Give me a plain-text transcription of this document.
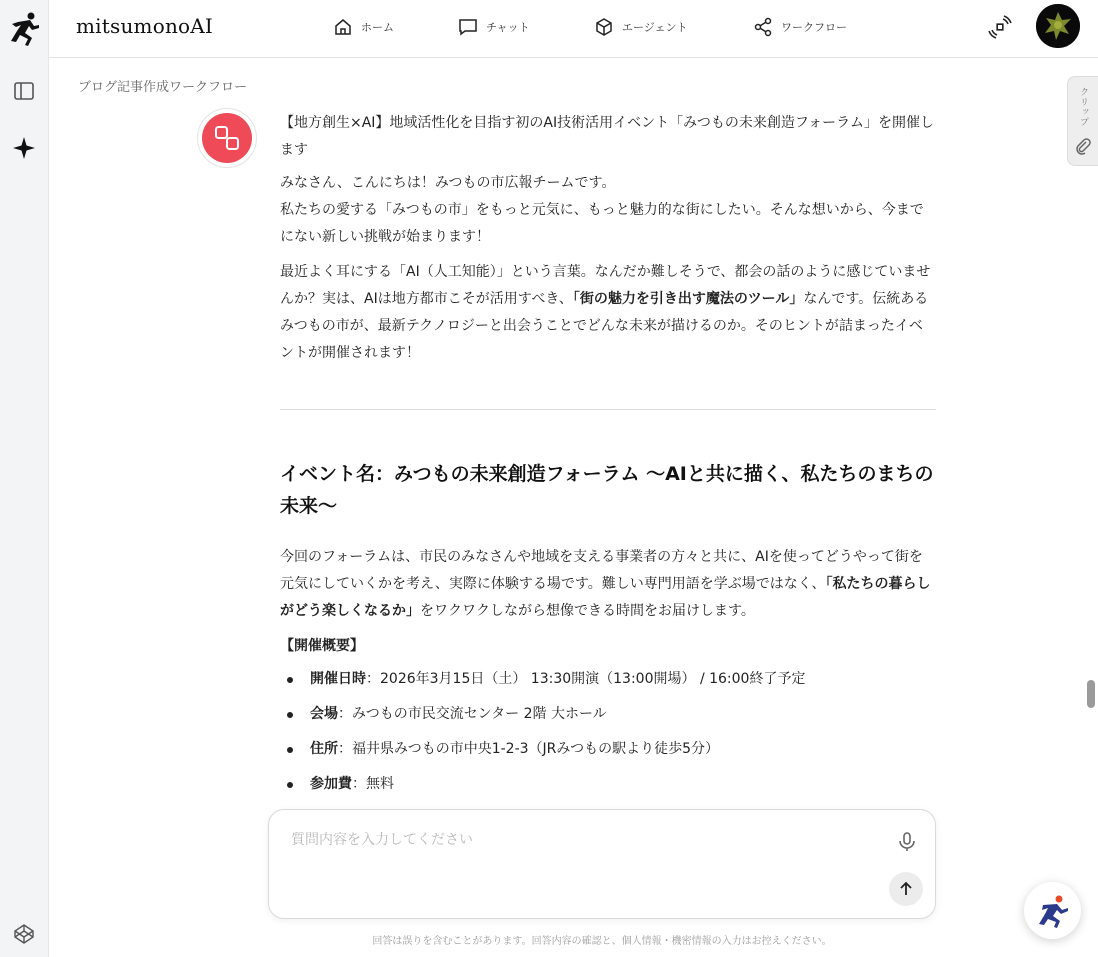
mitsumonoAI	ホーム	チャット	エージェント	ワークフロー
ブログ記事作成ワークフロー	クリップ

【地方創生×AI】地域活性化を目指す初のAI技術活用イベント「みつもの未来創造フォーラム」を開催します

みなさん、こんにちは！みつもの市広報チームです。
私たちの愛する「みつもの市」をもっと元気に、もっと魅力的な街にしたい。そんな想いから、今までにない新しい挑戦が始まります！

最近よく耳にする「AI（人工知能）」という言葉。なんだか難しそうで、都会の話のように感じていませんか？実は、AIは地方都市こそが活用すべき、「街の魅力を引き出す魔法のツール」なんです。伝統あるみつもの市が、最新テクノロジーと出会うことでどんな未来が描けるのか。そのヒントが詰まったイベントが開催されます！

イベント名：みつもの未来創造フォーラム 〜AIと共に描く、私たちのまちの未来〜

今回のフォーラムは、市民のみなさんや地域を支える事業者の方々と共に、AIを使ってどうやって街を元気にしていくかを考え、実際に体験する場です。難しい専門用語を学ぶ場ではなく、「私たちの暮らしがどう楽しくなるか」をワクワクしながら想像できる時間をお届けします。

【開催概要】

開催日時：2026年3月15日（土） 13:30開演（13:00開場） / 16:00終了予定
会場：みつもの市民交流センター 2階 大ホール
住所：福井県みつもの市中央1-2-3（JRみつもの駅より徒歩5分）
参加費：無料
質問内容を入力してください
回答は誤りを含むことがあります。回答内容の確認と、個人情報・機密情報の入力はお控えください。
